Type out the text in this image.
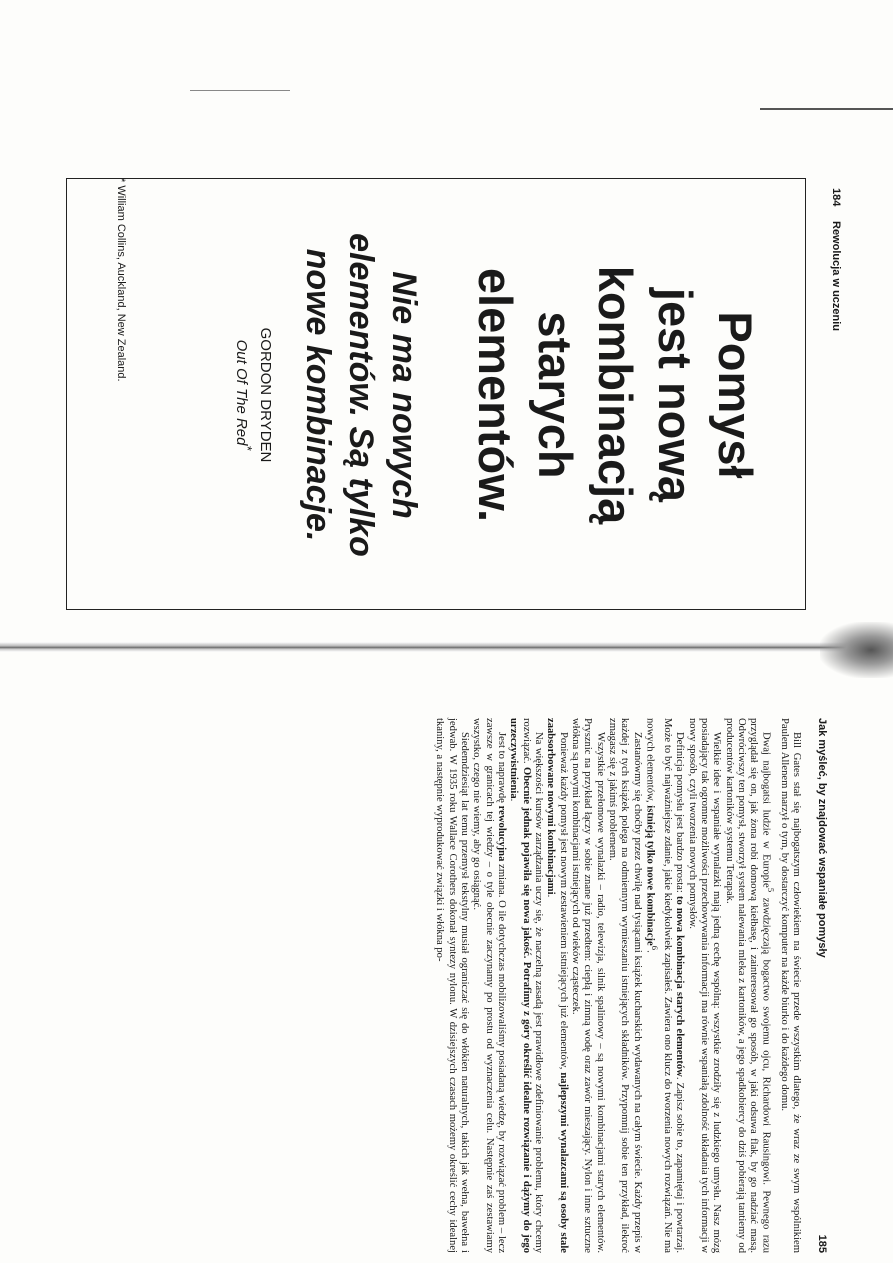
184
Rewolucja w uczeniu

Pomysł
jest nową
kombinacją
starych
elementów.

Nie ma nowych
elementów. Są tylko
nowe kombinacje.

GORDON DRYDEN
Out Of The Red*
* William Collins, Auckland, New Zealand.
Jak myśleć, by znajdować wspaniałe pomysły
185

Bill Gates stał się najbogatszym człowiekiem na świecie przede wszystkim dlatego, że wraz ze swym wspólnikiem Paulem Allenem marzył o tym, by dostarczyć komputer na każde biurko i do każdego domu.

Dwaj najbogatsi ludzie w Europie$^5$ zawdzięczają bogactwo swojemu ojcu, Richardowi Rausingowi. Pewnego razu przyglądał się on, jak żona robi domową kiełbasę, i zainteresował go sposób, w jaki odsuwa flak, by go nadziać masą. Odwróciwszy ten pomysł, stworzył system nalewania mleka z kartoników, a jego spadkobiercy do dziś pobierają tantiemy od producentów kartoników systemu Tetrapak.

Wielkie idee i wspaniałe wynalazki mają jedną cechę wspólną: wszystkie zrodziły się z ludzkiego umysłu. Nasz mózg posiadający tak ogromne możliwości przechowywania informacji ma równie wspaniałą zdolność układania tych informacji w nowy sposób, czyli tworzenia nowych pomysłów.

Definicja pomysłu jest bardzo prosta: to nowa kombinacja starych elementów. Zapisz sobie to, zapamiętaj i powtarzaj. Może to być najważniejsze zdanie, jakie kiedykolwiek zapisałeś. Zawiera ono klucz do tworzenia nowych rozwiązań. Nie ma nowych elementów, istnieją tylko nowe kombinacje$^6$.

Zastanówmy się choćby przez chwilę nad tysiącami książek kucharskich wydawanych na całym świecie. Każdy przepis w każdej z tych książek polega na odmiennym wymieszaniu istniejących składników. Przypomnij sobie ten przykład, ilekroć zmagasz się z jakimś problemem.

Wszystkie przełomowe wynalazki – radio, telewizja, silnik spalinowy – są nowymi kombinacjami starych elementów. Prysznic na przykład łączy w sobie znane już przedtem: ciepłą i zimną wodę oraz zawór mieszający. Nylon i inne sztuczne włókna są nowymi kombinacjami istniejących od wieków cząsteczek.

Ponieważ każdy pomysł jest nowym zestawieniem istniejących już elementów, najlepszymi wynalazcami są osoby stale zaabsorbowane nowymi kombinacjami.

Na większości kursów zarządzania uczy się, że naczelną zasadą jest prawidłowe zdefiniowanie problemu, który chcemy rozwiązać. Obecnie jednak pojawiła się nowa jakość. Potrafimy z góry określić idealne rozwiązanie i dążymy do jego urzeczywistnienia.

Jest to naprawdę rewolucyjna zmiana. O ile dotychczas mobilizowaliśmy posiadaną wiedzę, by rozwiązać problem – lecz zawsze w granicach tej wiedzy – o tyle obecnie zaczynamy po prostu od wyznaczenia celu. Następnie zaś zestawiamy wszystko, czego nie wiemy, aby go osiągnąć.

Siedemdziesiąt lat temu przemysł tekstylny musiał ograniczać się do włókien naturalnych, takich jak wełna, bawełna i jedwab. W 1935 roku Wallace Corothers dokonał syntezy nylonu. W dzisiejszych czasach możemy określić cechy idealnej tkaniny, a następnie wyprodukować związki i włókna po-
